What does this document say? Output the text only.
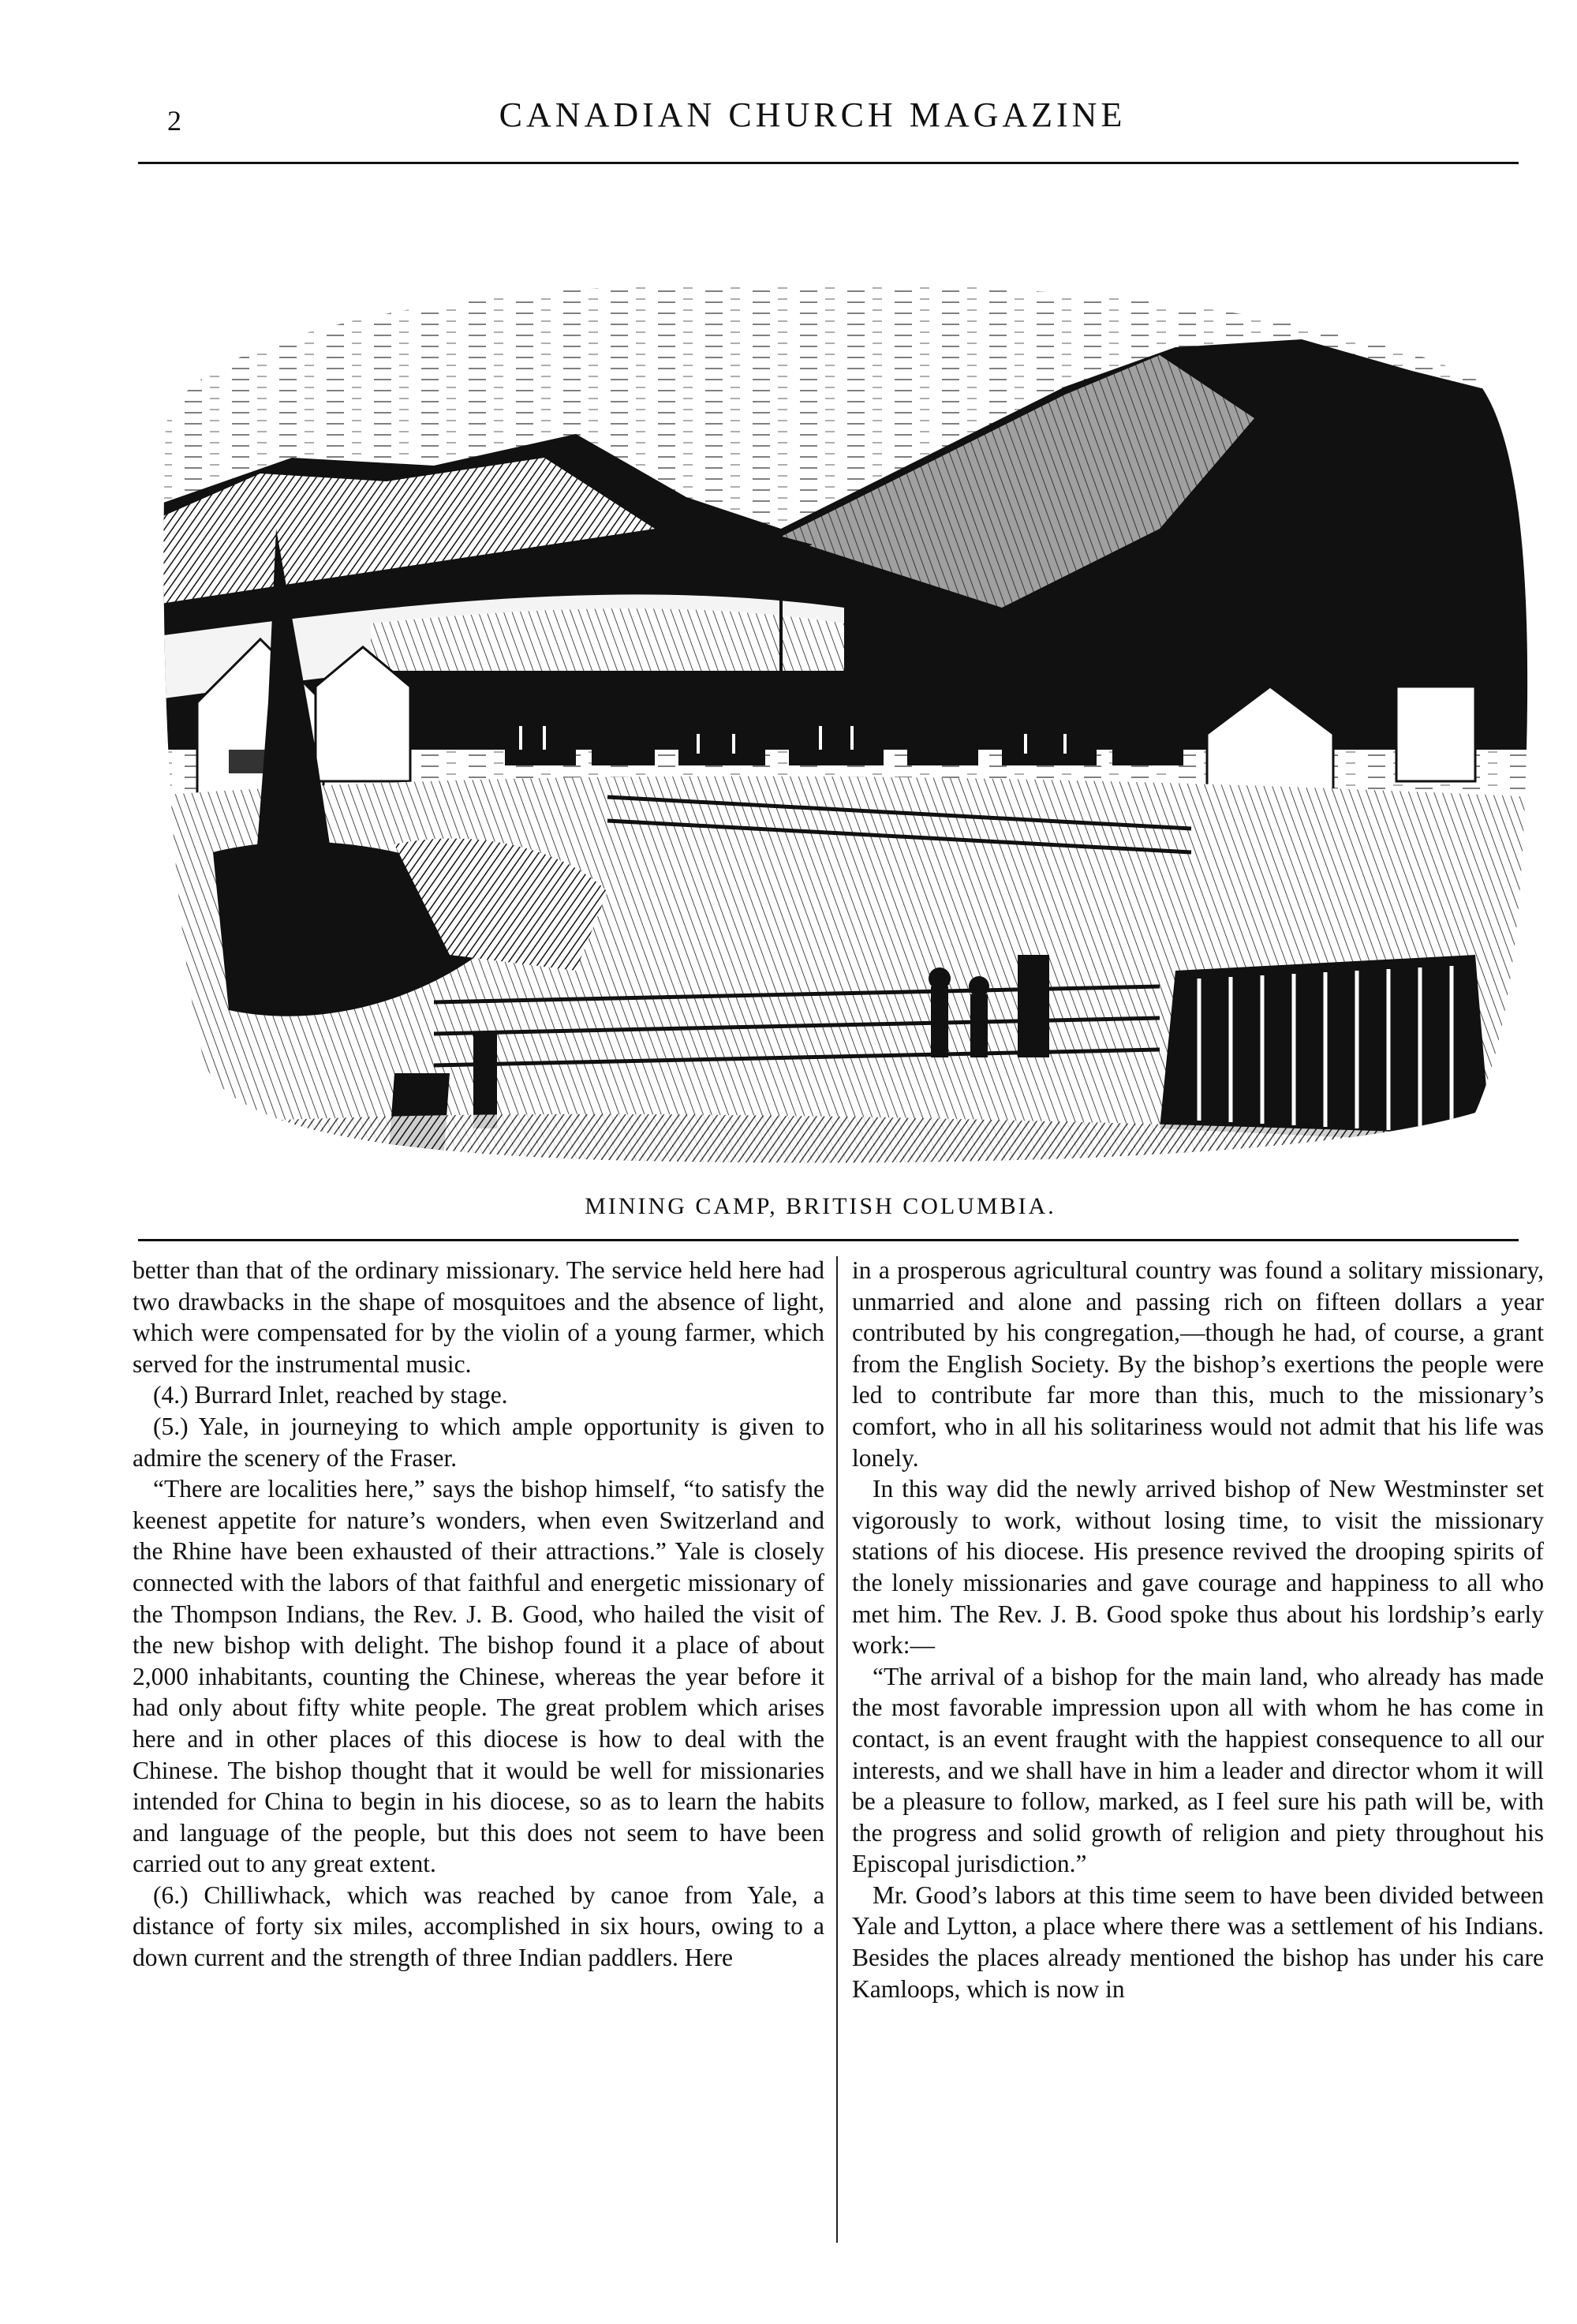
2	CANADIAN CHURCH MAGAZINE
MINING CAMP, BRITISH COLUMBIA.

better than that of the ordinary missionary. The service held here had two drawbacks in the shape of mosquitoes and the absence of light, which were compensated for by the violin of a young farmer, which served for the instrumental music.

(4.) Burrard Inlet, reached by stage.

(5.) Yale, in journeying to which ample opportunity is given to admire the scenery of the Fraser.

“There are localities here,” says the bishop himself, “to satisfy the keenest appetite for nature’s wonders, when even Switzerland and the Rhine have been exhausted of their attractions.” Yale is closely connected with the labors of that faithful and energetic missionary of the Thompson Indians, the Rev. J. B. Good, who hailed the visit of the new bishop with delight. The bishop found it a place of about 2,000 inhabitants, counting the Chinese, whereas the year before it had only about fifty white people. The great problem which arises here and in other places of this diocese is how to deal with the Chinese. The bishop thought that it would be well for missionaries intended for China to begin in his diocese, so as to learn the habits and language of the people, but this does not seem to have been carried out to any great extent.

(6.) Chilliwhack, which was reached by canoe from Yale, a distance of forty six miles, accomplished in six hours, owing to a down current and the strength of three Indian paddlers. Here

in a prosperous agricultural country was found a solitary missionary, unmarried and alone and passing rich on fifteen dollars a year contributed by his congregation,—though he had, of course, a grant from the English Society. By the bishop’s exertions the people were led to contribute far more than this, much to the missionary’s comfort, who in all his solitariness would not admit that his life was lonely.

In this way did the newly arrived bishop of New Westminster set vigorously to work, without losing time, to visit the missionary stations of his diocese. His presence revived the drooping spirits of the lonely missionaries and gave courage and happiness to all who met him. The Rev. J. B. Good spoke thus about his lordship’s early work:—

“The arrival of a bishop for the main land, who already has made the most favorable impression upon all with whom he has come in contact, is an event fraught with the happiest consequence to all our interests, and we shall have in him a leader and director whom it will be a pleasure to follow, marked, as I feel sure his path will be, with the progress and solid growth of religion and piety throughout his Episcopal jurisdiction.”

Mr. Good’s labors at this time seem to have been divided between Yale and Lytton, a place where there was a settlement of his Indians. Besides the places already mentioned the bishop has under his care Kamloops, which is now in
